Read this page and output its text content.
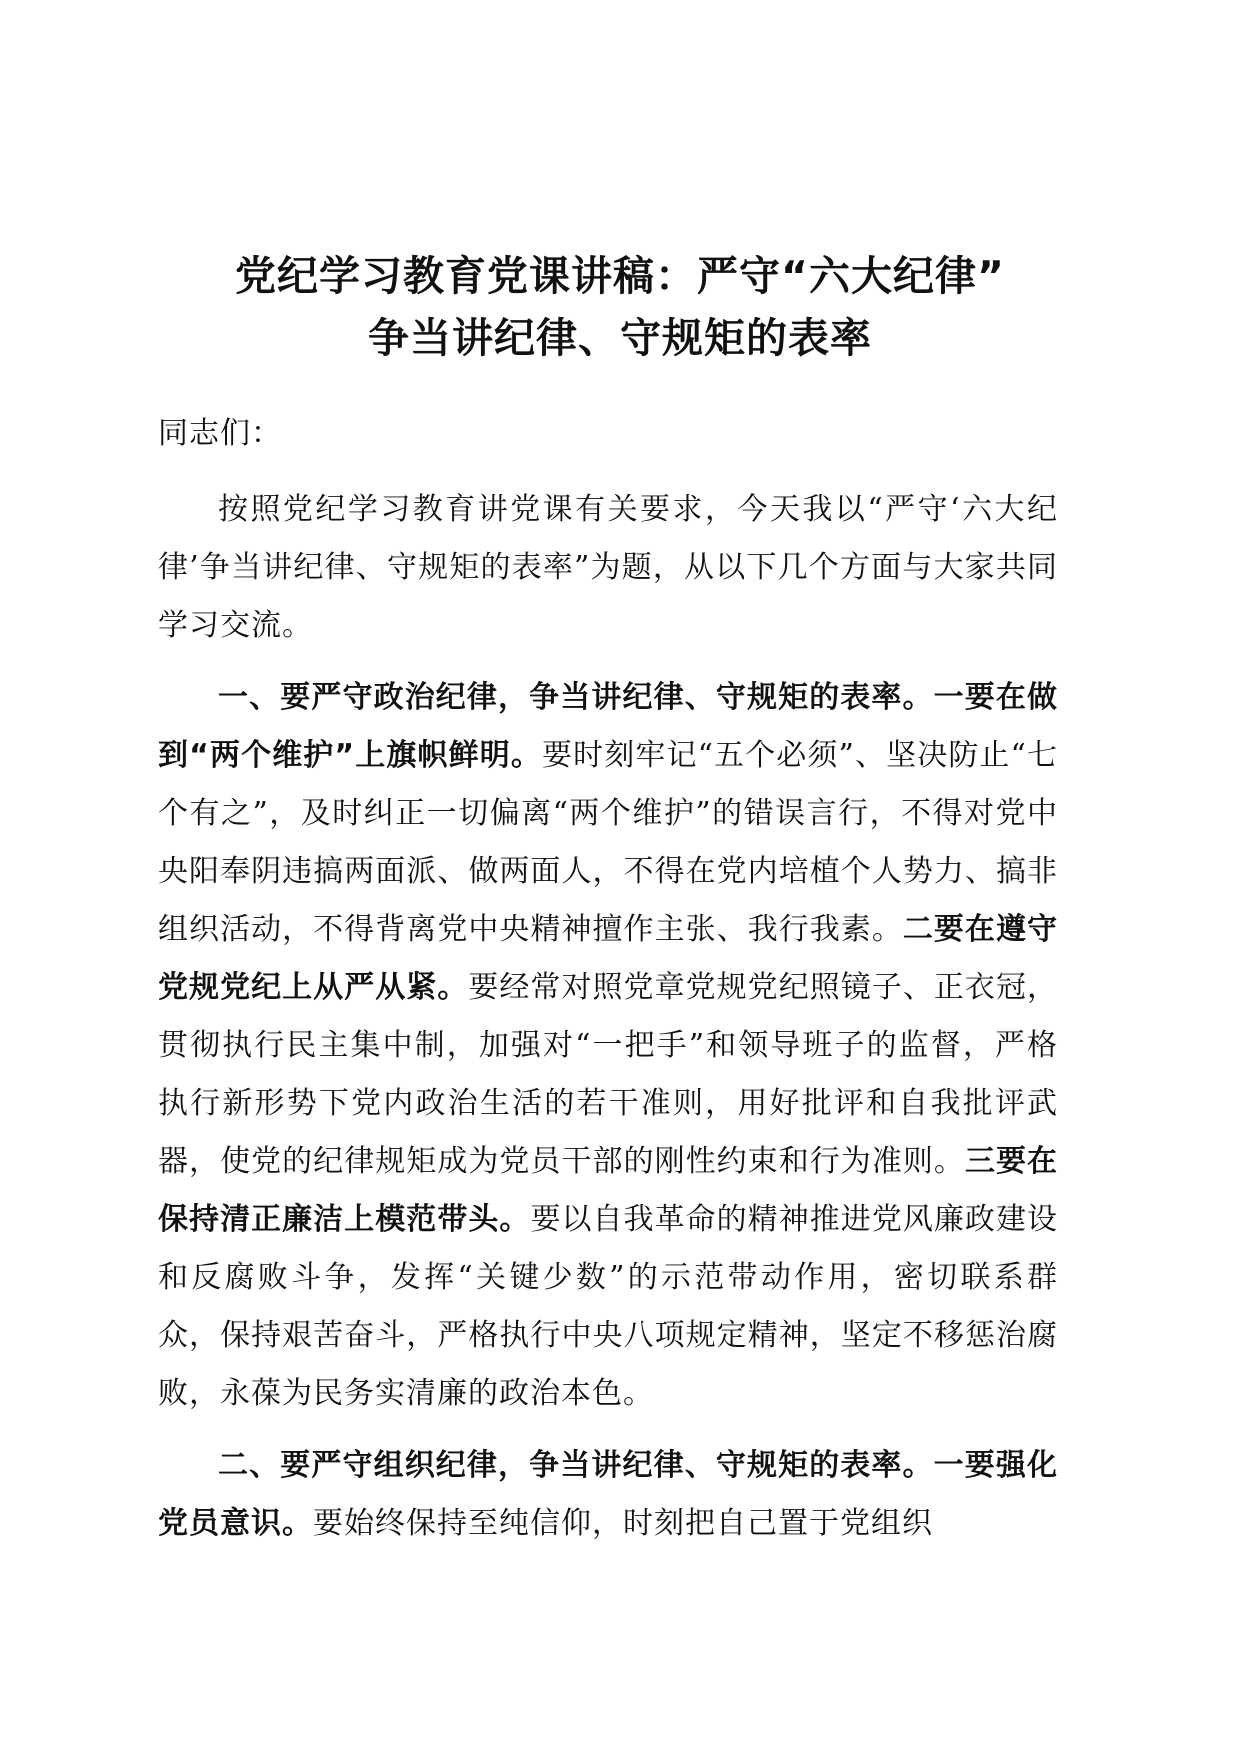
党纪学习教育党课讲稿：严守“六大纪律”
争当讲纪律、守规矩的表率

同志们：

按照党纪学习教育讲党课有关要求，今天我以“严守‘六大纪律’争当讲纪律、守规矩的表率”为题，从以下几个方面与大家共同学习交流。

一、要严守政治纪律，争当讲纪律、守规矩的表率。一要在做到“两个维护”上旗帜鲜明。要时刻牢记“五个必须”、坚决防止“七个有之”，及时纠正一切偏离“两个维护”的错误言行，不得对党中央阳奉阴违搞两面派、做两面人，不得在党内培植个人势力、搞非组织活动，不得背离党中央精神擅作主张、我行我素。二要在遵守党规党纪上从严从紧。要经常对照党章党规党纪照镜子、正衣冠，贯彻执行民主集中制，加强对“一把手”和领导班子的监督，严格执行新形势下党内政治生活的若干准则，用好批评和自我批评武器，使党的纪律规矩成为党员干部的刚性约束和行为准则。三要在保持清正廉洁上模范带头。要以自我革命的精神推进党风廉政建设和反腐败斗争，发挥“关键少数”的示范带动作用，密切联系群众，保持艰苦奋斗，严格执行中央八项规定精神，坚定不移惩治腐败，永葆为民务实清廉的政治本色。

二、要严守组织纪律，争当讲纪律、守规矩的表率。一要强化党员意识。要始终保持至纯信仰，时刻把自己置于党组织
